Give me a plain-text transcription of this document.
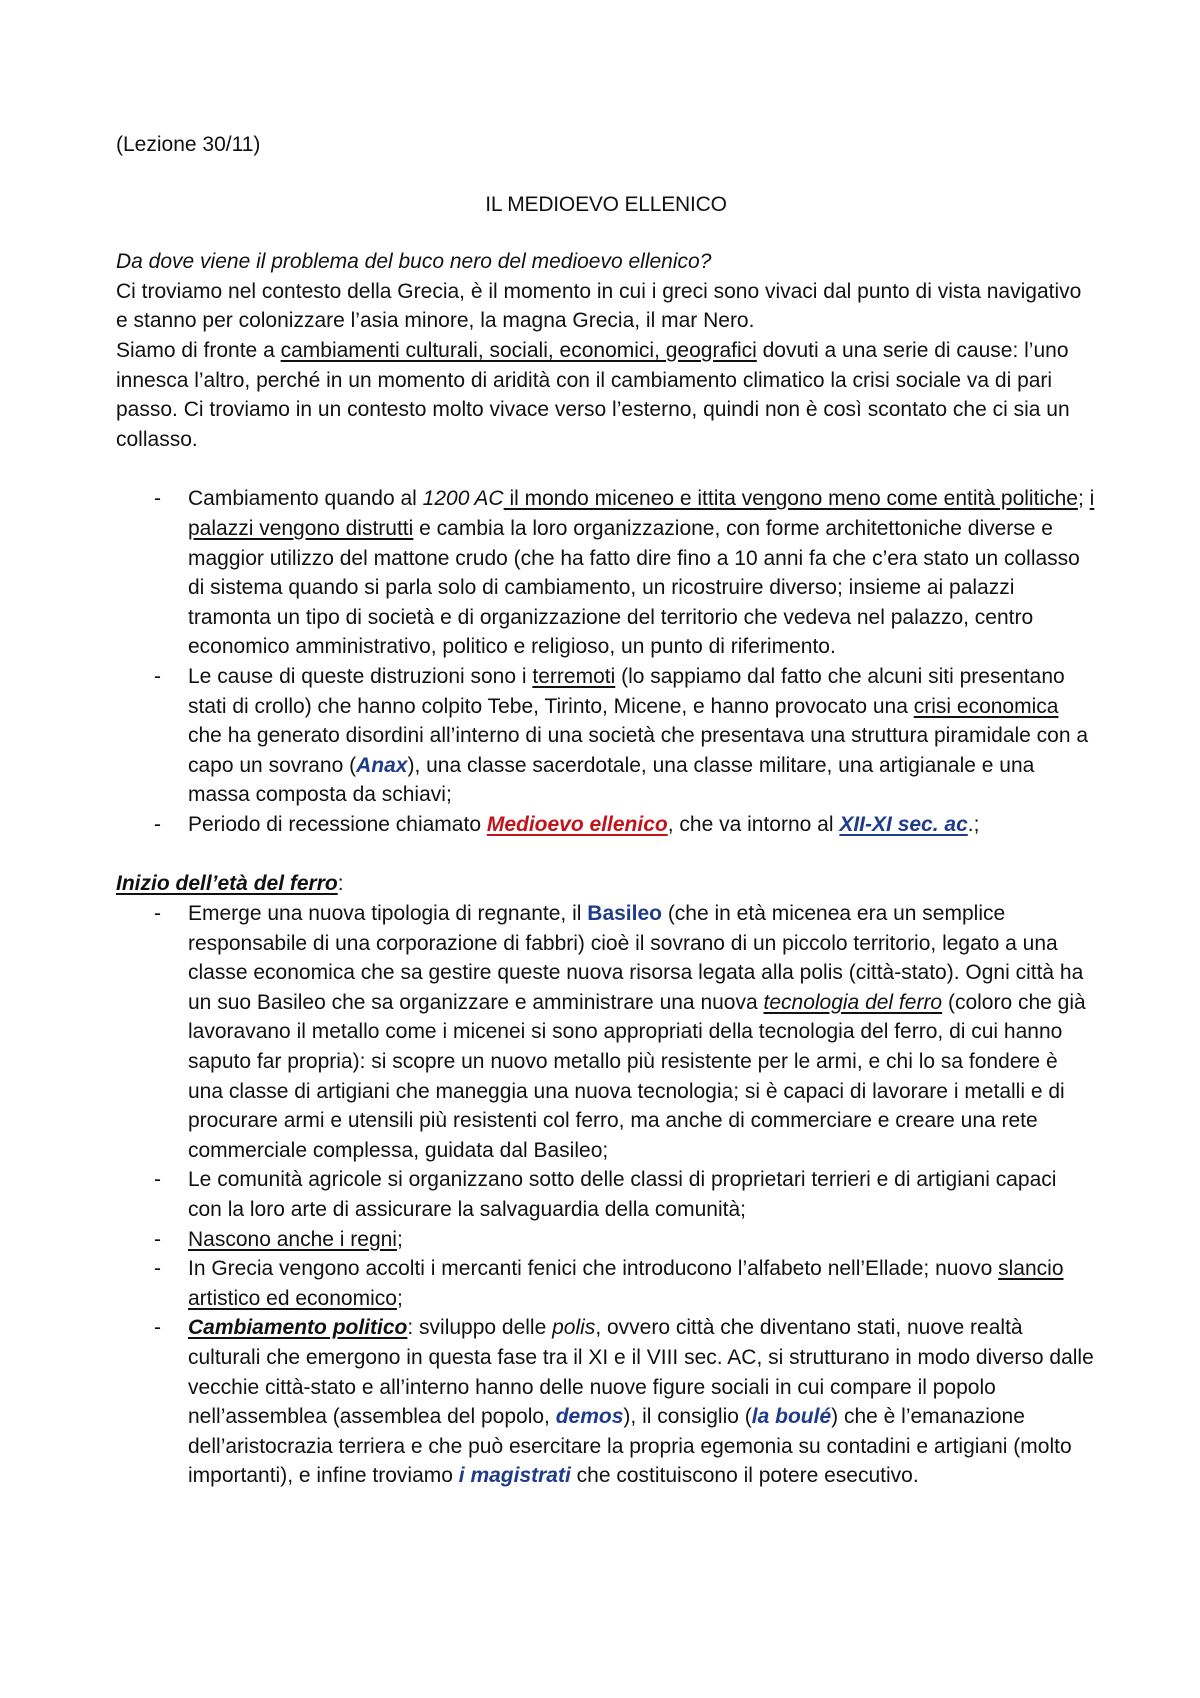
(Lezione 30/11)

IL MEDIOEVO ELLENICO

Da dove viene il problema del buco nero del medioevo ellenico?

Ci troviamo nel contesto della Grecia, è il momento in cui i greci sono vivaci dal punto di vista navigativo e stanno per colonizzare l’asia minore, la magna Grecia, il mar Nero.

Siamo di fronte a cambiamenti culturali, sociali, economici, geografici dovuti a una serie di cause: l’uno innesca l’altro, perché in un momento di aridità con il cambiamento climatico la crisi sociale va di pari passo. Ci troviamo in un contesto molto vivace verso l’esterno, quindi non è così scontato che ci sia un collasso.

- Cambiamento quando al 1200 AC il mondo miceneo e ittita vengono meno come entità politiche; i palazzi vengono distrutti e cambia la loro organizzazione, con forme architettoniche diverse e maggior utilizzo del mattone crudo (che ha fatto dire fino a 10 anni fa che c’era stato un collasso di sistema quando si parla solo di cambiamento, un ricostruire diverso; insieme ai palazzi tramonta un tipo di società e di organizzazione del territorio che vedeva nel palazzo, centro economico amministrativo, politico e religioso, un punto di riferimento.
- Le cause di queste distruzioni sono i terremoti (lo sappiamo dal fatto che alcuni siti presentano stati di crollo) che hanno colpito Tebe, Tirinto, Micene, e hanno provocato una crisi economica che ha generato disordini all’interno di una società che presentava una struttura piramidale con a capo un sovrano (Anax), una classe sacerdotale, una classe militare, una artigianale e una massa composta da schiavi;
- Periodo di recessione chiamato Medioevo ellenico, che va intorno al XII-XI sec. ac.;

Inizio dell’età del ferro:

- Emerge una nuova tipologia di regnante, il Basileo (che in età micenea era un semplice responsabile di una corporazione di fabbri) cioè il sovrano di un piccolo territorio, legato a una classe economica che sa gestire queste nuova risorsa legata alla polis (città-stato). Ogni città ha un suo Basileo che sa organizzare e amministrare una nuova tecnologia del ferro (coloro che già lavoravano il metallo come i micenei si sono appropriati della tecnologia del ferro, di cui hanno saputo far propria): si scopre un nuovo metallo più resistente per le armi, e chi lo sa fondere è una classe di artigiani che maneggia una nuova tecnologia; si è capaci di lavorare i metalli e di procurare armi e utensili più resistenti col ferro, ma anche di commerciare e creare una rete commerciale complessa, guidata dal Basileo;
- Le comunità agricole si organizzano sotto delle classi di proprietari terrieri e di artigiani capaci con la loro arte di assicurare la salvaguardia della comunità;
- Nascono anche i regni;
- In Grecia vengono accolti i mercanti fenici che introducono l’alfabeto nell’Ellade; nuovo slancio artistico ed economico;
- Cambiamento politico: sviluppo delle polis, ovvero città che diventano stati, nuove realtà culturali che emergono in questa fase tra il XI e il VIII sec. AC, si strutturano in modo diverso dalle vecchie città-stato e all’interno hanno delle nuove figure sociali in cui compare il popolo nell’assemblea (assemblea del popolo, demos), il consiglio (la boulé) che è l’emanazione dell’aristocrazia terriera e che può esercitare la propria egemonia su contadini e artigiani (molto importanti), e infine troviamo i magistrati che costituiscono il potere esecutivo.
